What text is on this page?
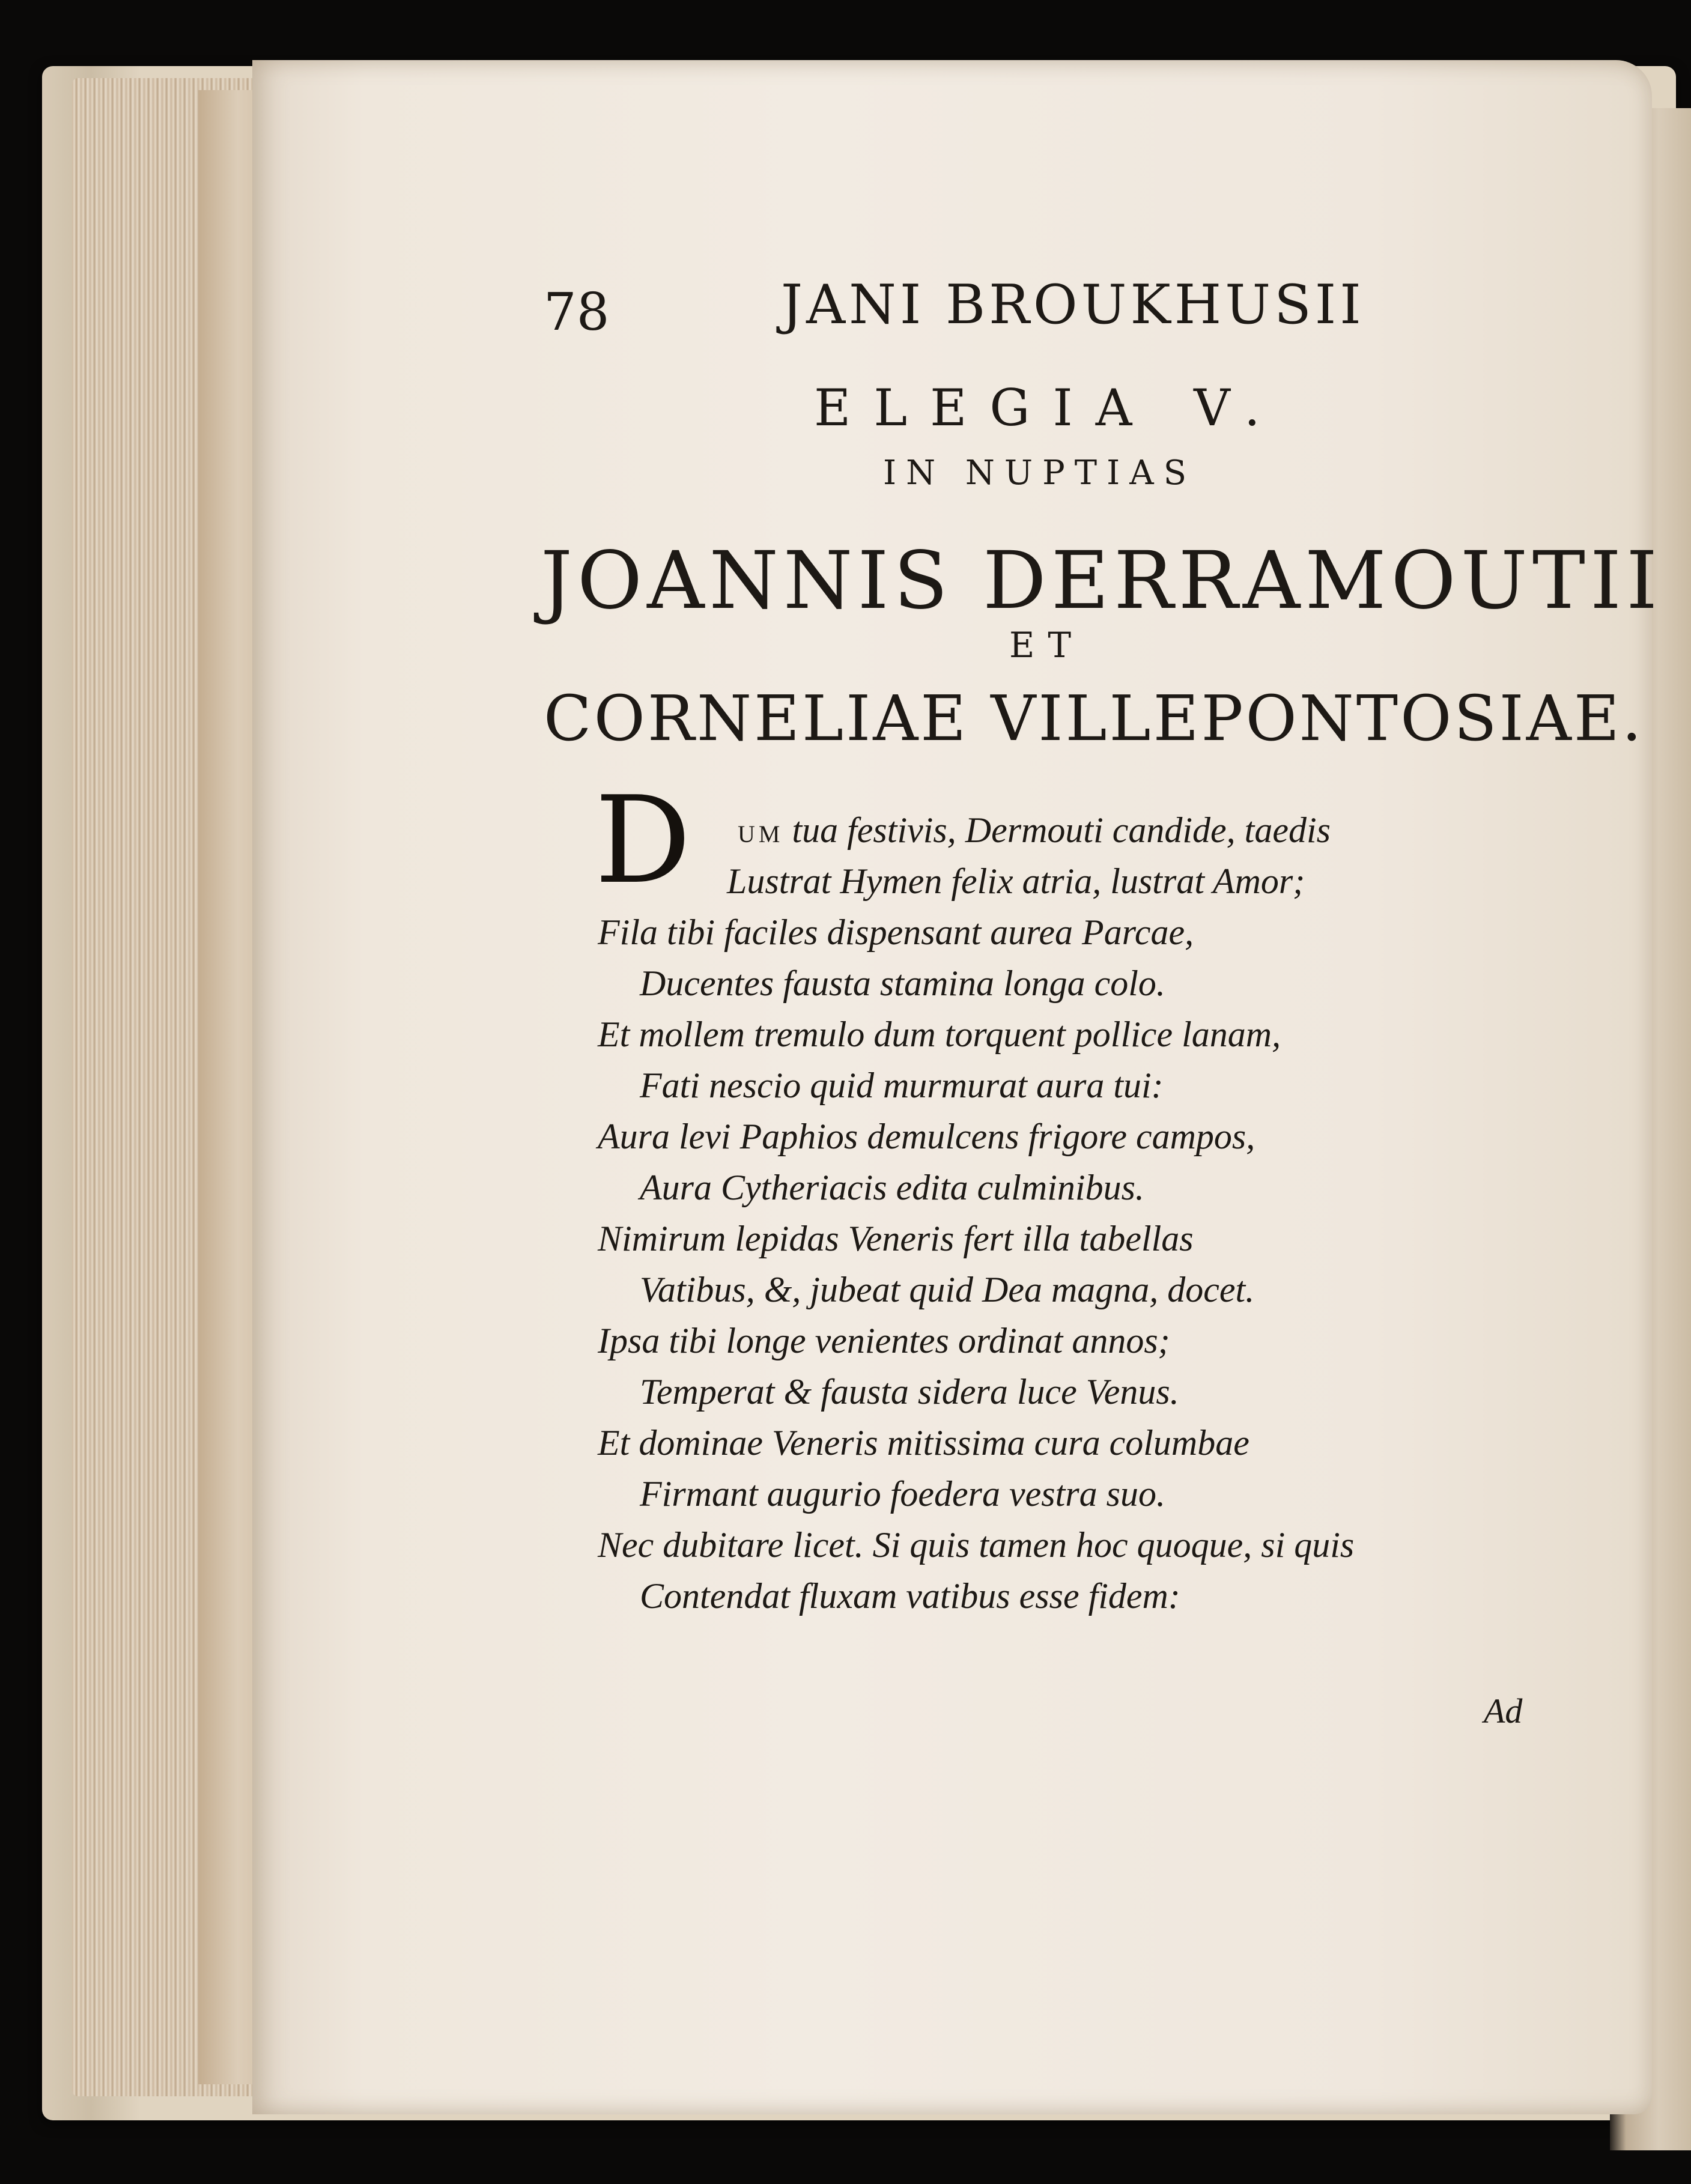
78	JANI BROUKHUSII
ELEGIA V.
IN NUPTIAS
JOANNIS DERRAMOUTII
ET
CORNELIAE VILLEPONTOSIAE.
D UM tua festivis, Dermouti candide, taedis
Lustrat Hymen felix atria, lustrat Amor;
Fila tibi faciles dispensant aurea Parcae,
Ducentes fausta stamina longa colo.
Et mollem tremulo dum torquent pollice lanam,
Fati nescio quid murmurat aura tui:
Aura levi Paphios demulcens frigore campos,
Aura Cytheriacis edita culminibus.
Nimirum lepidas Veneris fert illa tabellas
Vatibus, &, jubeat quid Dea magna, docet.
Ipsa tibi longe venientes ordinat annos;
Temperat & fausta sidera luce Venus.
Et dominae Veneris mitissima cura columbae
Firmant augurio foedera vestra suo.
Nec dubitare licet. Si quis tamen hoc quoque, si quis
Contendat fluxam vatibus esse fidem:
Ad
